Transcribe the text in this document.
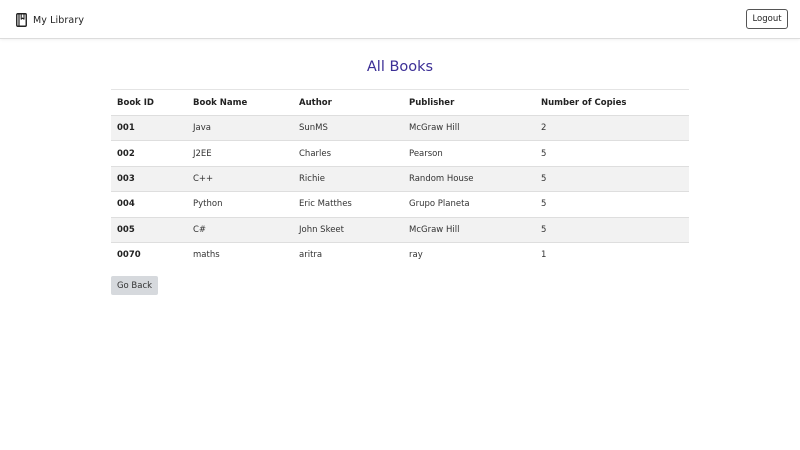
My Library	Logout
All Books
Book ID	Book Name	Author	Publisher	Number of Copies
001	Java	SunMS	McGraw Hill	2
002	J2EE	Charles	Pearson	5
003	C++	Richie	Random House	5
004	Python	Eric Matthes	Grupo Planeta	5
005	C#	John Skeet	McGraw Hill	5
0070	maths	aritra	ray	1
Go Back
